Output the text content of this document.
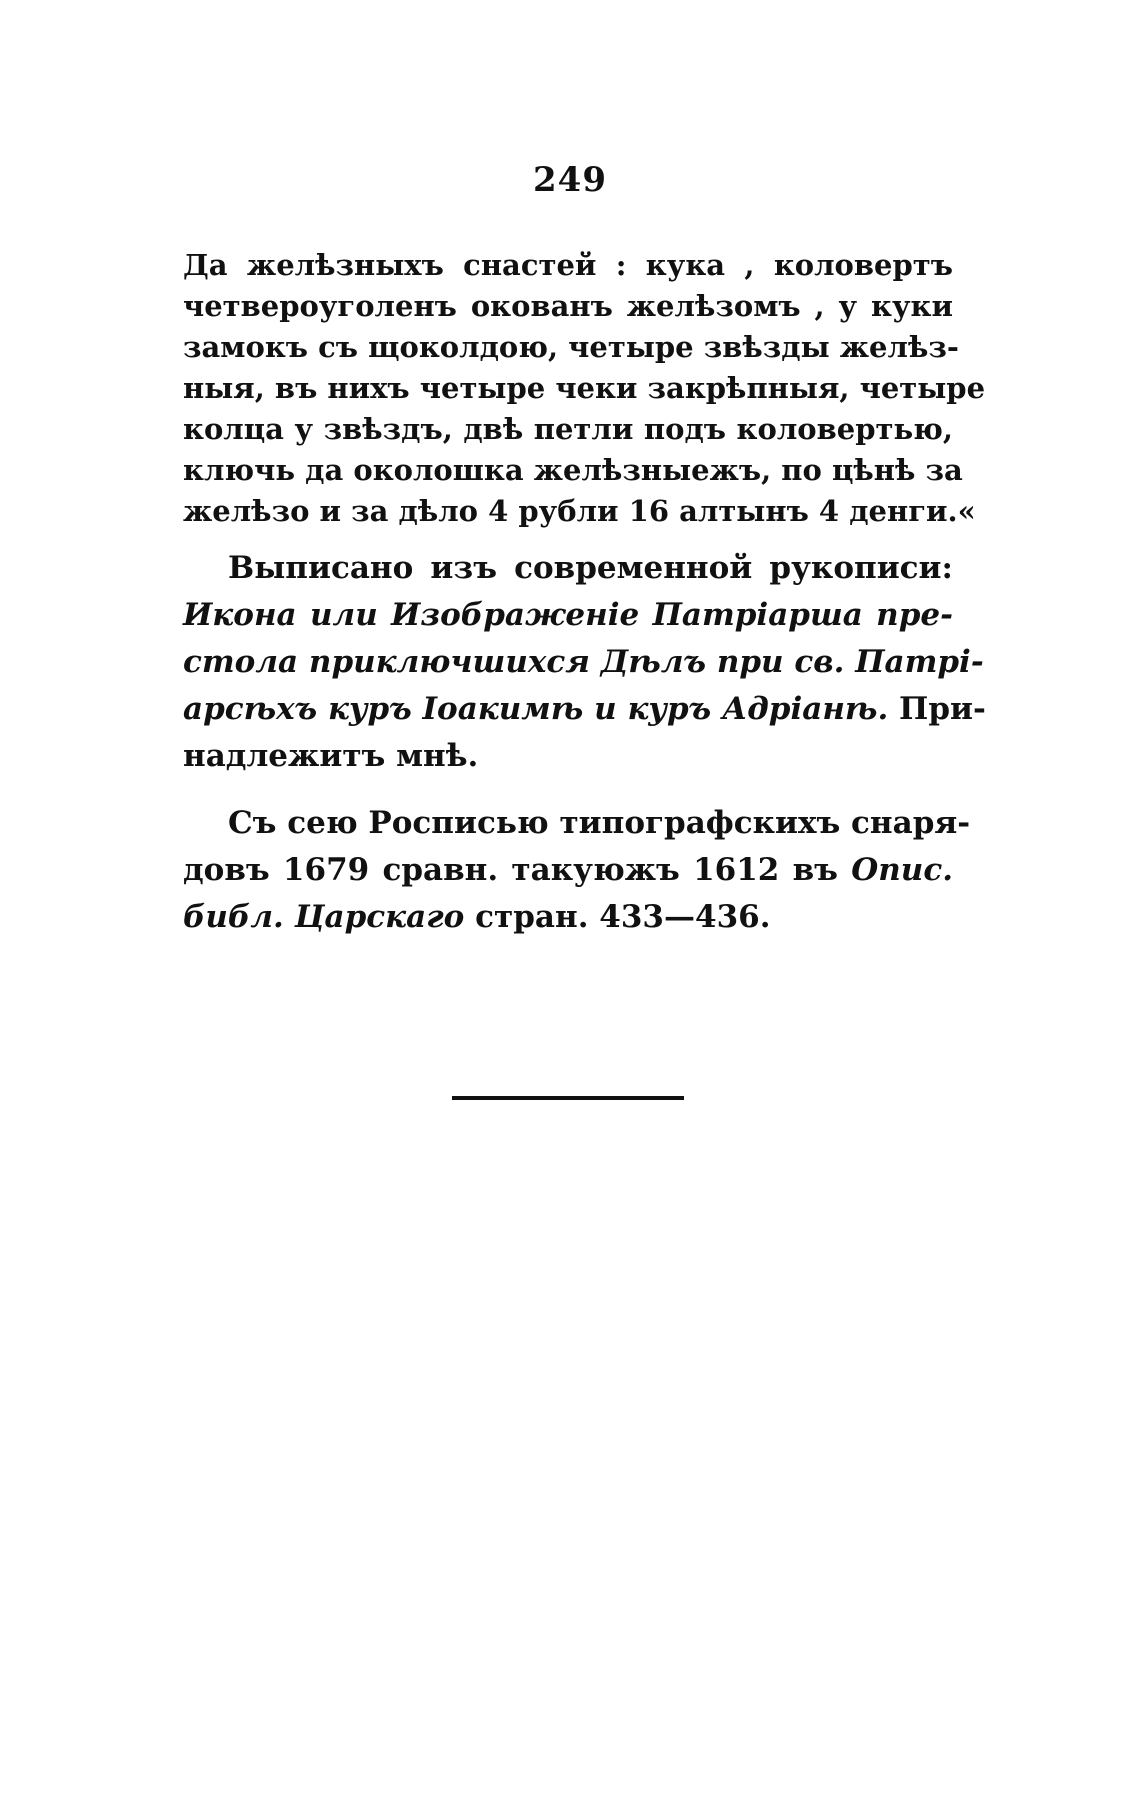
249
Да желѣзныхъ снастей : кука , коловертъ
четвероуголенъ окованъ желѣзомъ , у куки
замокъ съ щоколдою, четыре звѣзды желѣз-
ныя, въ нихъ четыре чеки закрѣпныя, четыре
колца у звѣздъ, двѣ петли подъ коловертью,
ключь да околошка желѣзныежъ, по цѣнѣ за
желѣзо и за дѣло 4 рубли 16 алтынъ 4 денги.«
Выписано изъ современной рукописи:
Икона или Изображеніе Патріарша пре-
стола приключшихся Дѣлъ при св. Патрі-
арсѣхъ куръ Іоакимѣ и куръ Адріанѣ. При-
надлежитъ мнѣ.
Съ сею Росписью типографскихъ снаря-
довъ 1679 сравн. такуюжъ 1612 въ Опис.
библ. Царскаго стран. 433—436.
